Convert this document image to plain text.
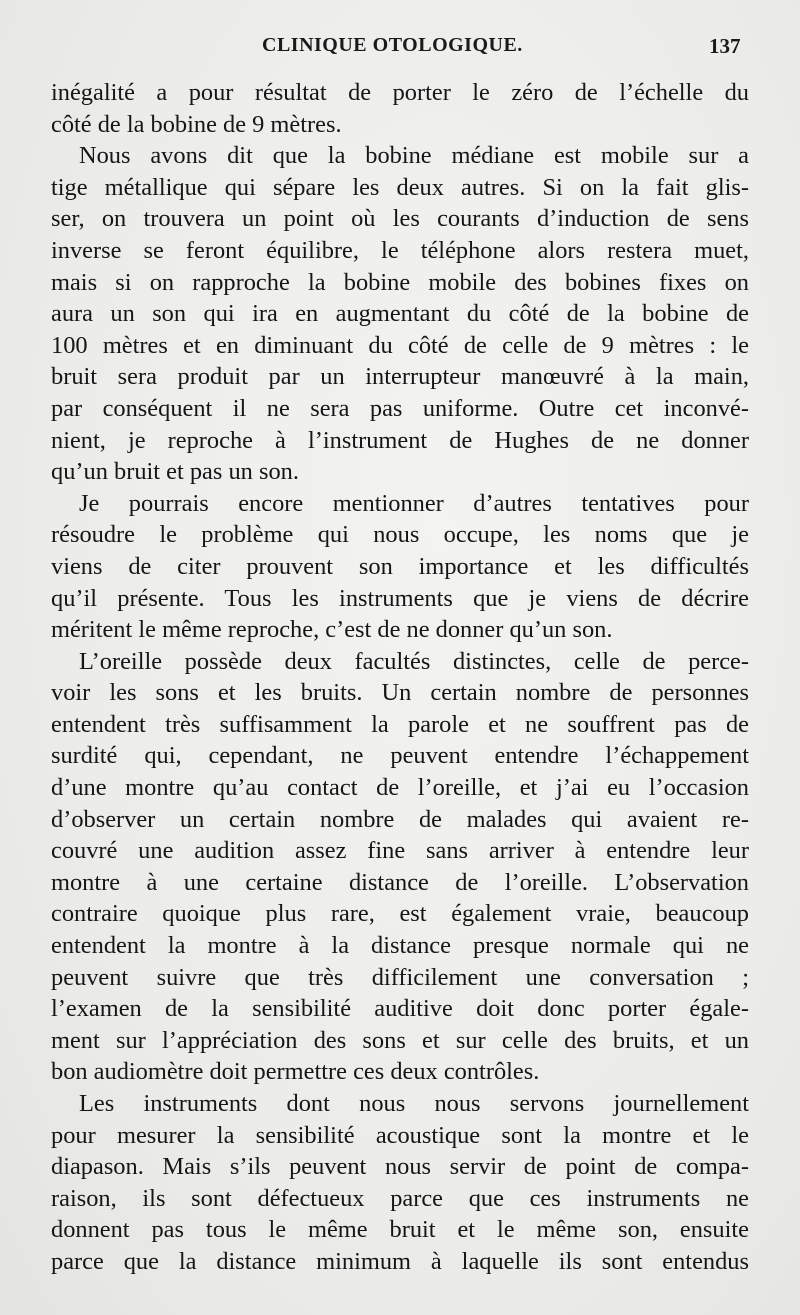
CLINIQUE OTOLOGIQUE.	137
inégalité a pour résultat de porter le zéro de l’échelle du
côté de la bobine de 9 mètres.
Nous avons dit que la bobine médiane est mobile sur a
tige métallique qui sépare les deux autres. Si on la fait glis-
ser, on trouvera un point où les courants d’induction de sens
inverse se feront équilibre, le téléphone alors restera muet,
mais si on rapproche la bobine mobile des bobines fixes on
aura un son qui ira en augmentant du côté de la bobine de
100 mètres et en diminuant du côté de celle de 9 mètres : le
bruit sera produit par un interrupteur manœuvré à la main,
par conséquent il ne sera pas uniforme. Outre cet inconvé-
nient, je reproche à l’instrument de Hughes de ne donner
qu’un bruit et pas un son.
Je pourrais encore mentionner d’autres tentatives pour
résoudre le problème qui nous occupe, les noms que je
viens de citer prouvent son importance et les difficultés
qu’il présente. Tous les instruments que je viens de décrire
méritent le même reproche, c’est de ne donner qu’un son.
L’oreille possède deux facultés distinctes, celle de perce-
voir les sons et les bruits. Un certain nombre de personnes
entendent très suffisamment la parole et ne souffrent pas de
surdité qui, cependant, ne peuvent entendre l’échappement
d’une montre qu’au contact de l’oreille, et j’ai eu l’occasion
d’observer un certain nombre de malades qui avaient re-
couvré une audition assez fine sans arriver à entendre leur
montre à une certaine distance de l’oreille. L’observation
contraire quoique plus rare, est également vraie, beaucoup
entendent la montre à la distance presque normale qui ne
peuvent suivre que très difficilement une conversation ;
l’examen de la sensibilité auditive doit donc porter égale-
ment sur l’appréciation des sons et sur celle des bruits, et un
bon audiomètre doit permettre ces deux contrôles.
Les instruments dont nous nous servons journellement
pour mesurer la sensibilité acoustique sont la montre et le
diapason. Mais s’ils peuvent nous servir de point de compa-
raison, ils sont défectueux parce que ces instruments ne
donnent pas tous le même bruit et le même son, ensuite
parce que la distance minimum à laquelle ils sont entendus
